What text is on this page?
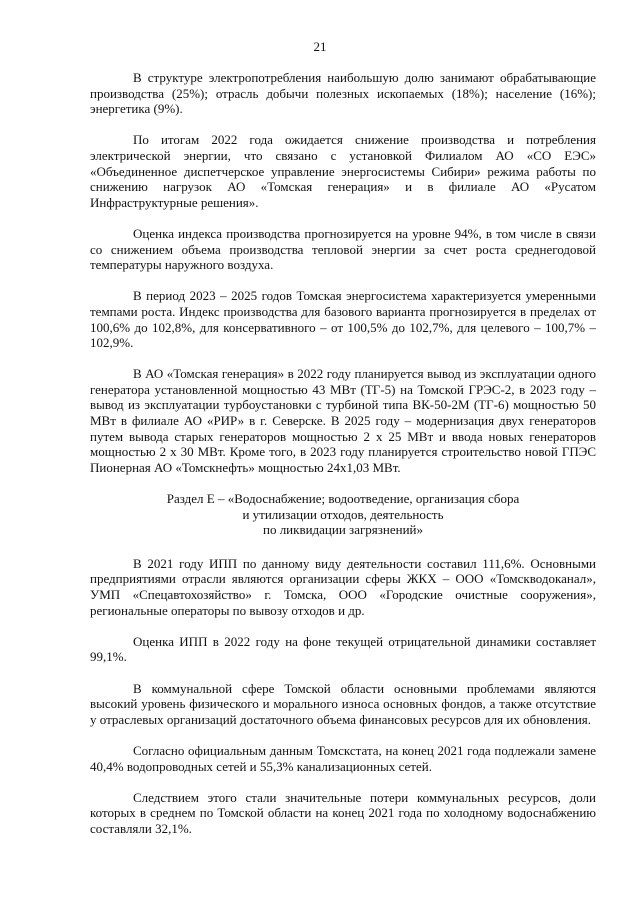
21

В структуре электропотребления наибольшую долю занимают обрабатывающие производства (25%); отрасль добычи полезных ископаемых (18%); население (16%); энергетика (9%).

По итогам 2022 года ожидается снижение производства и потребления электрической энергии, что связано с установкой Филиалом АО «СО ЕЭС» «Объединенное диспетчерское управление энергосистемы Сибири» режима работы по снижению нагрузок АО «Томская генерация» и в филиале АО «Русатом Инфраструктурные решения».

Оценка индекса производства прогнозируется на уровне 94%, в том числе в связи со снижением объема производства тепловой энергии за счет роста среднегодовой температуры наружного воздуха.

В период 2023 – 2025 годов Томская энергосистема характеризуется умеренными темпами роста. Индекс производства для базового варианта прогнозируется в пределах от 100,6% до 102,8%, для консервативного – от 100,5% до 102,7%, для целевого – 100,7% – 102,9%.

В АО «Томская генерация» в 2022 году планируется вывод из эксплуатации одного генератора установленной мощностью 43 МВт (ТГ-5) на Томской ГРЭС-2, в 2023 году – вывод из эксплуатации турбоустановки с турбиной типа ВК-50-2М (ТГ-6) мощностью 50 МВт в филиале АО «РИР» в г. Северске. В 2025 году – модернизация двух генераторов путем вывода старых генераторов мощностью 2 х 25 МВт и ввода новых генераторов мощностью 2 х 30 МВт. Кроме того, в 2023 году планируется строительство новой ГПЭС Пионерная АО «Томскнефть» мощностью 24х1,03 МВт.

Раздел Е – «Водоснабжение; водоотведение, организация сбора
и утилизации отходов, деятельность
по ликвидации загрязнений»

В 2021 году ИПП по данному виду деятельности составил 111,6%. Основными предприятиями отрасли являются организации сферы ЖКХ – ООО «Томскводоканал», УМП «Спецавтохозяйство» г. Томска, ООО «Городские очистные сооружения», региональные операторы по вывозу отходов и др.

Оценка ИПП в 2022 году на фоне текущей отрицательной динамики составляет 99,1%.

В коммунальной сфере Томской области основными проблемами являются высокий уровень физического и морального износа основных фондов, а также отсутствие у отраслевых организаций достаточного объема финансовых ресурсов для их обновления.

Согласно официальным данным Томскстата, на конец 2021 года подлежали замене 40,4% водопроводных сетей и 55,3% канализационных сетей.

Следствием этого стали значительные потери коммунальных ресурсов, доли которых в среднем по Томской области на конец 2021 года по холодному водоснабжению составляли 32,1%.
